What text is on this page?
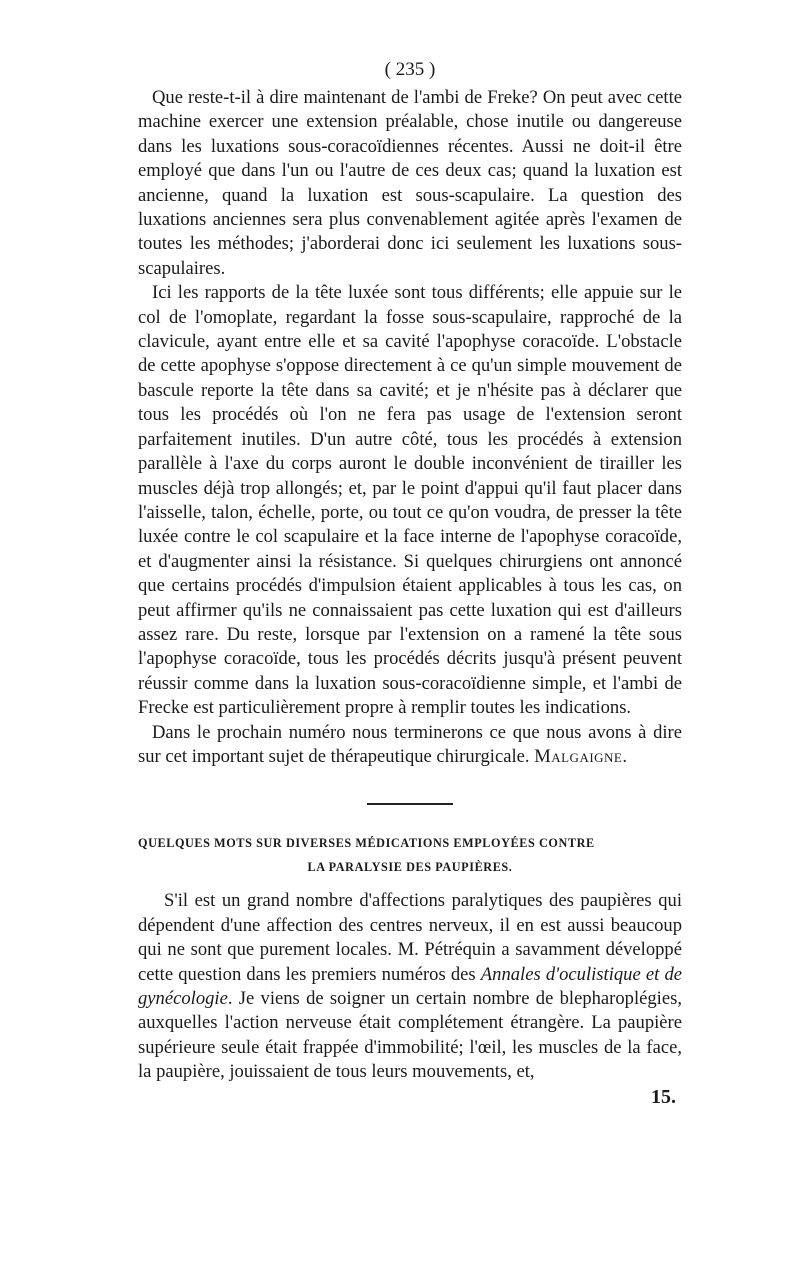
( 235 )

Que reste-t-il à dire maintenant de l'ambi de Freke? On peut avec cette machine exercer une extension préalable, chose inutile ou dangereuse dans les luxations sous-coracoïdiennes récentes. Aussi ne doit-il être employé que dans l'un ou l'autre de ces deux cas; quand la luxation est ancienne, quand la luxation est sous-scapulaire. La question des luxations anciennes sera plus convenablement agitée après l'examen de toutes les méthodes; j'aborderai donc ici seulement les luxations sous-scapulaires.

Ici les rapports de la tête luxée sont tous différents; elle appuie sur le col de l'omoplate, regardant la fosse sous-scapulaire, rapproché de la clavicule, ayant entre elle et sa cavité l'apophyse coracoïde. L'obstacle de cette apophyse s'oppose directement à ce qu'un simple mouvement de bascule reporte la tête dans sa cavité; et je n'hésite pas à déclarer que tous les procédés où l'on ne fera pas usage de l'extension seront parfaitement inutiles. D'un autre côté, tous les procédés à extension parallèle à l'axe du corps auront le double inconvénient de tirailler les muscles déjà trop allongés; et, par le point d'appui qu'il faut placer dans l'aisselle, talon, échelle, porte, ou tout ce qu'on voudra, de presser la tête luxée contre le col scapulaire et la face interne de l'apophyse coracoïde, et d'augmenter ainsi la résistance. Si quelques chirurgiens ont annoncé que certains procédés d'impulsion étaient applicables à tous les cas, on peut affirmer qu'ils ne connaissaient pas cette luxation qui est d'ailleurs assez rare. Du reste, lorsque par l'extension on a ramené la tête sous l'apophyse coracoïde, tous les procédés décrits jusqu'à présent peuvent réussir comme dans la luxation sous-coracoïdienne simple, et l'ambi de Frecke est particulièrement propre à remplir toutes les indications.

Dans le prochain numéro nous terminerons ce que nous avons à dire sur cet important sujet de thérapeutique chirurgicale. Malgaigne.

QUELQUES MOTS SUR DIVERSES MÉDICATIONS EMPLOYÉES CONTRE
LA PARALYSIE DES PAUPIÈRES.

S'il est un grand nombre d'affections paralytiques des paupières qui dépendent d'une affection des centres nerveux, il en est aussi beaucoup qui ne sont que purement locales. M. Pétréquin a savamment développé cette question dans les premiers numéros des Annales d'oculistique et de gynécologie. Je viens de soigner un certain nombre de blepharoplégies, auxquelles l'action nerveuse était complétement étrangère. La paupière supérieure seule était frappée d'immobilité; l'œil, les muscles de la face, la paupière, jouissaient de tous leurs mouvements, et,

15.
